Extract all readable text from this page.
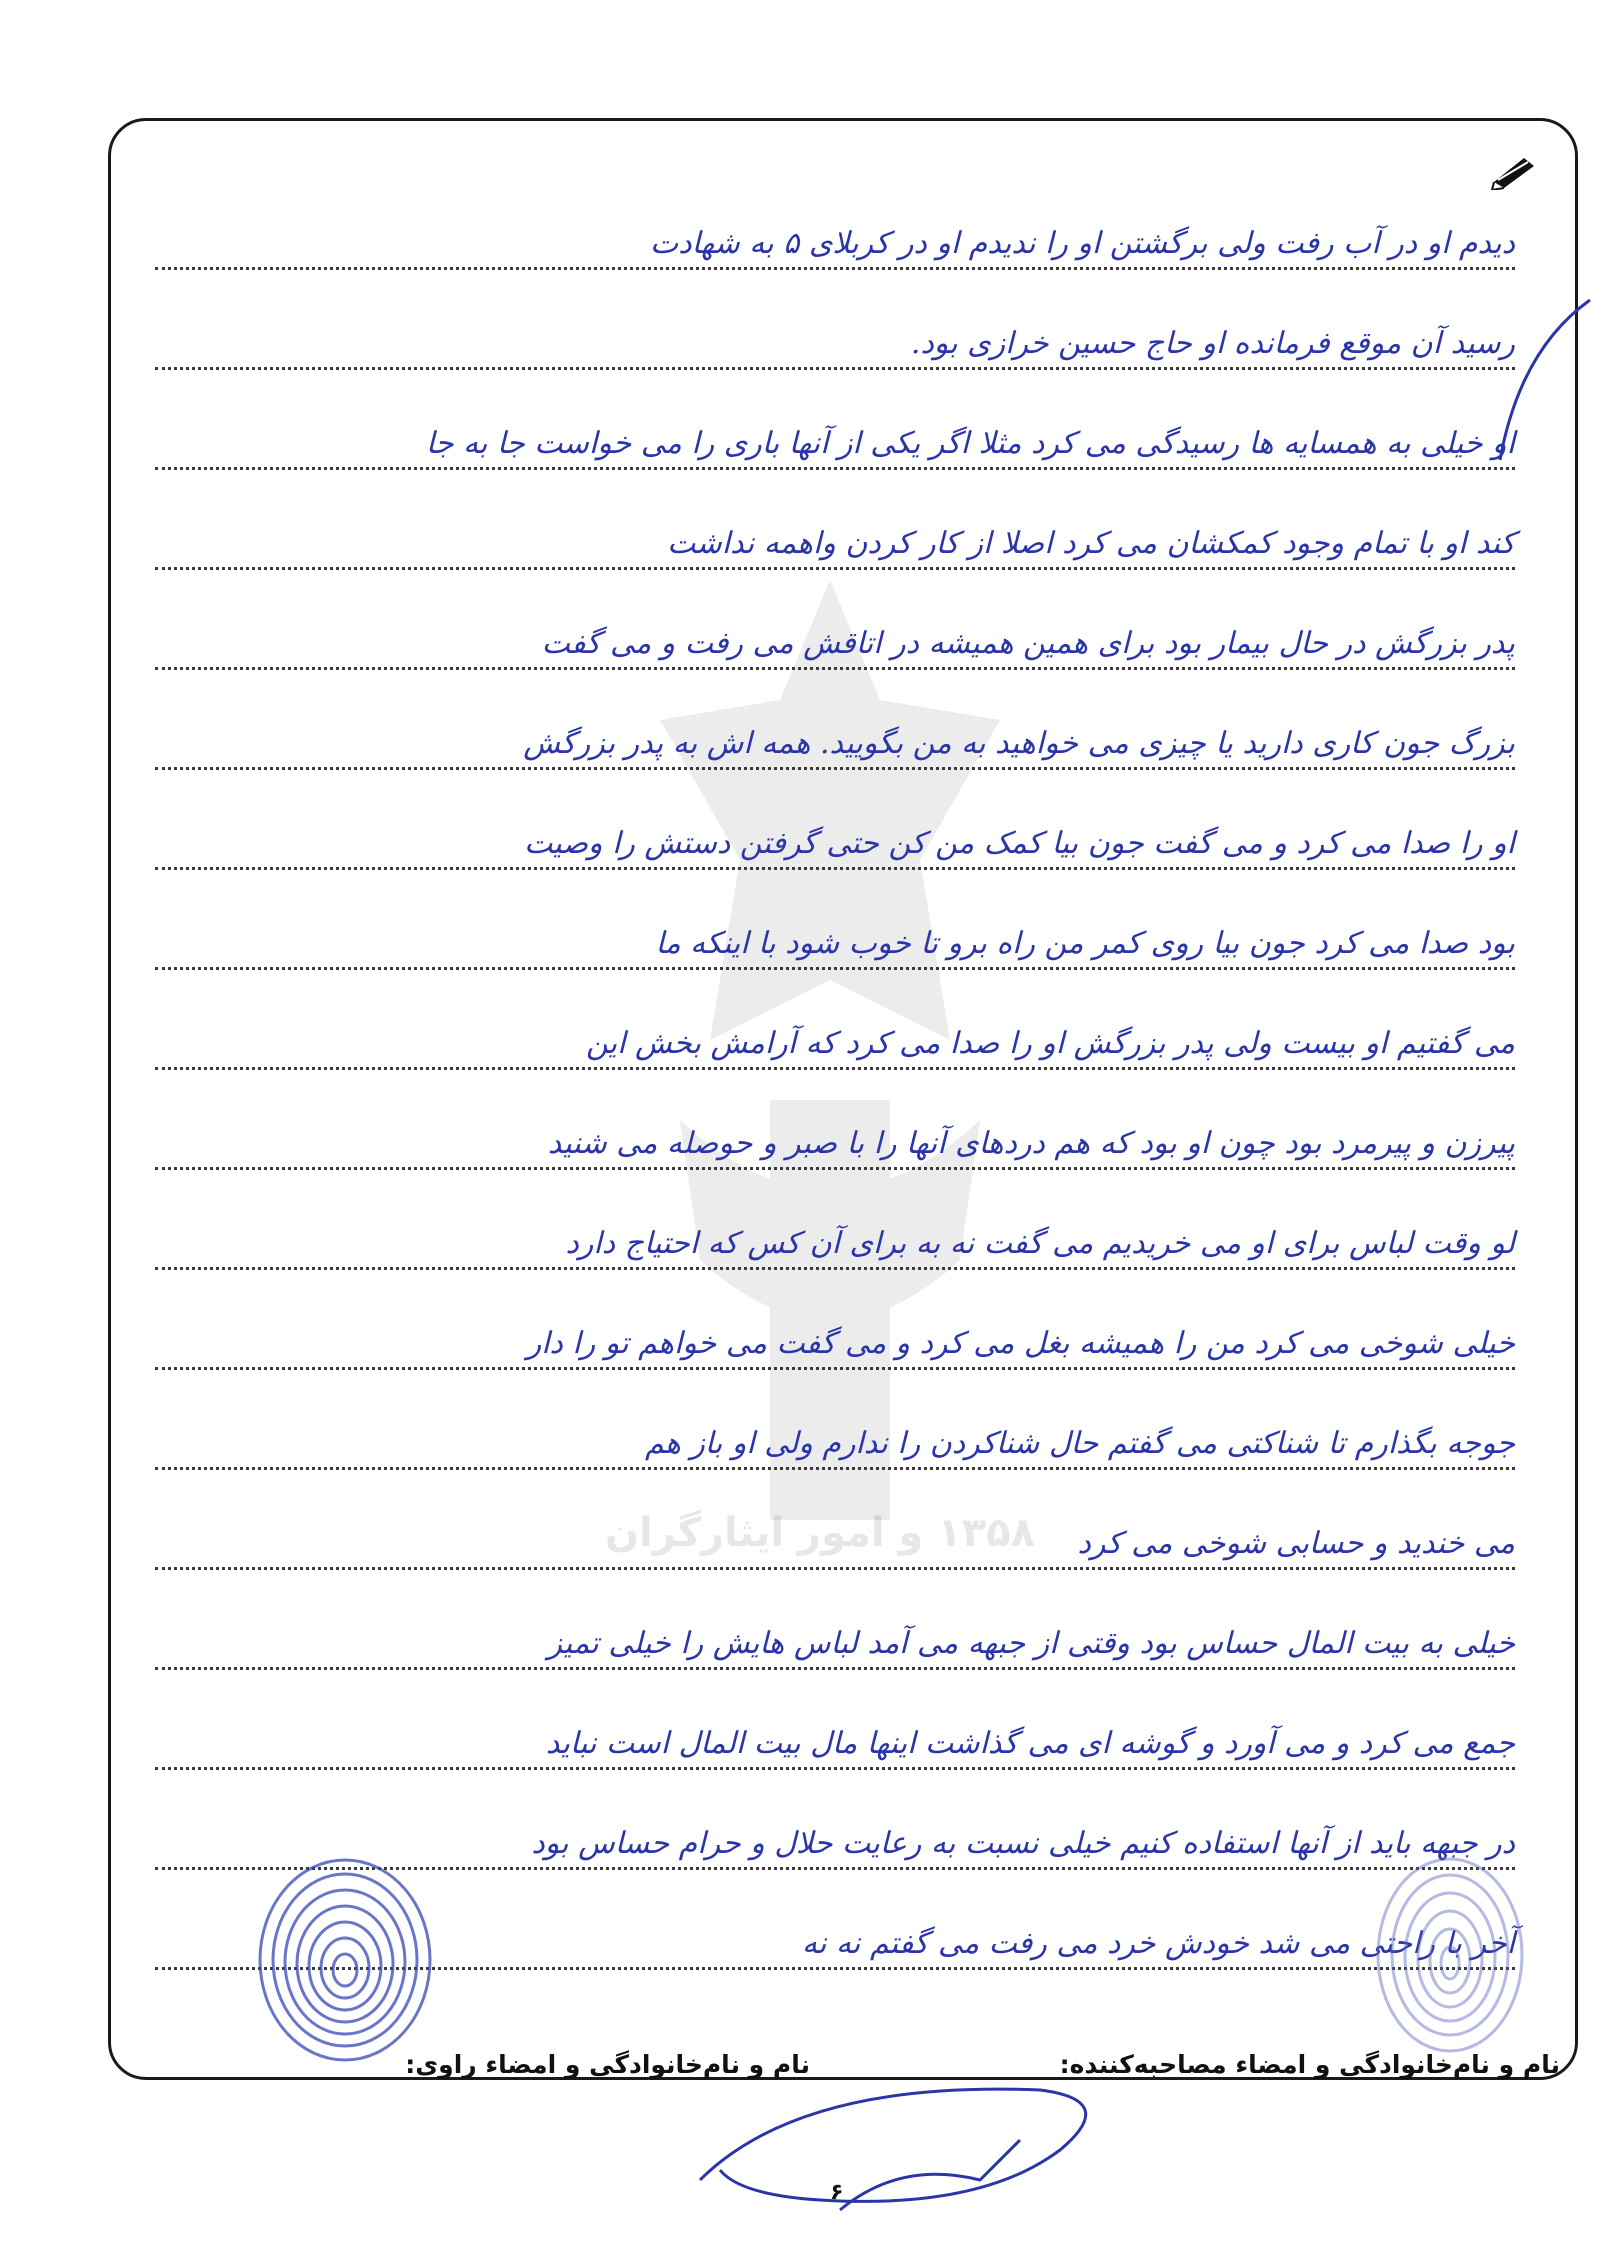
۱۳۵۸ و امور ایثارگران
دیدم او در آب رفت ولی برگشتن او را ندیدم او در کربلای ۵ به شهادت
رسید آن موقع فرمانده او حاج حسین خرازی بود.
او خیلی به همسایه ها رسیدگی می کرد مثلا اگر یکی از آنها باری را می خواست جا به جا
کند او با تمام وجود کمکشان می کرد اصلا از کار کردن واهمه نداشت
پدر بزرگش در حال بیمار بود برای همین همیشه در اتاقش می رفت و می گفت
بزرگ جون کاری دارید یا چیزی می خواهید به من بگویید. همه اش به پدر بزرگش
او را صدا می کرد و می گفت جون بیا کمک من کن حتی گرفتن دستش را وصیت
بود صدا می کرد جون بیا روی کمر من راه برو تا خوب شود با اینکه ما
می گفتیم او بیست ولی پدر بزرگش او را صدا می کرد که آرامش بخش این
پیرزن و پیرمرد بود چون او بود که هم دردهای آنها را با صبر و حوصله می شنید
لو وقت لباس برای او می خریدیم می گفت نه به برای آن کس که احتیاج دارد
خیلی شوخی می کرد من را همیشه بغل می کرد و می گفت می خواهم تو را دار
جوجه بگذارم تا شناکتی می گفتم حال شناکردن را ندارم ولی او باز هم
می خندید و حسابی شوخی می کرد
خیلی به بیت المال حساس بود وقتی از جبهه می آمد لباس هایش را خیلی تمیز
جمع می کرد و می آورد و گوشه ای می گذاشت اینها مال بیت المال است نباید
در جبهه باید از آنها استفاده کنیم خیلی نسبت به رعایت حلال و حرام حساس بود
آخر با راحتی می شد خودش خرد می رفت می گفتم نه نه
نام و نام‌خانوادگی و امضاء مصاحبه‌کننده:
نام و نام‌خانوادگی و امضاء راوی:
۶
